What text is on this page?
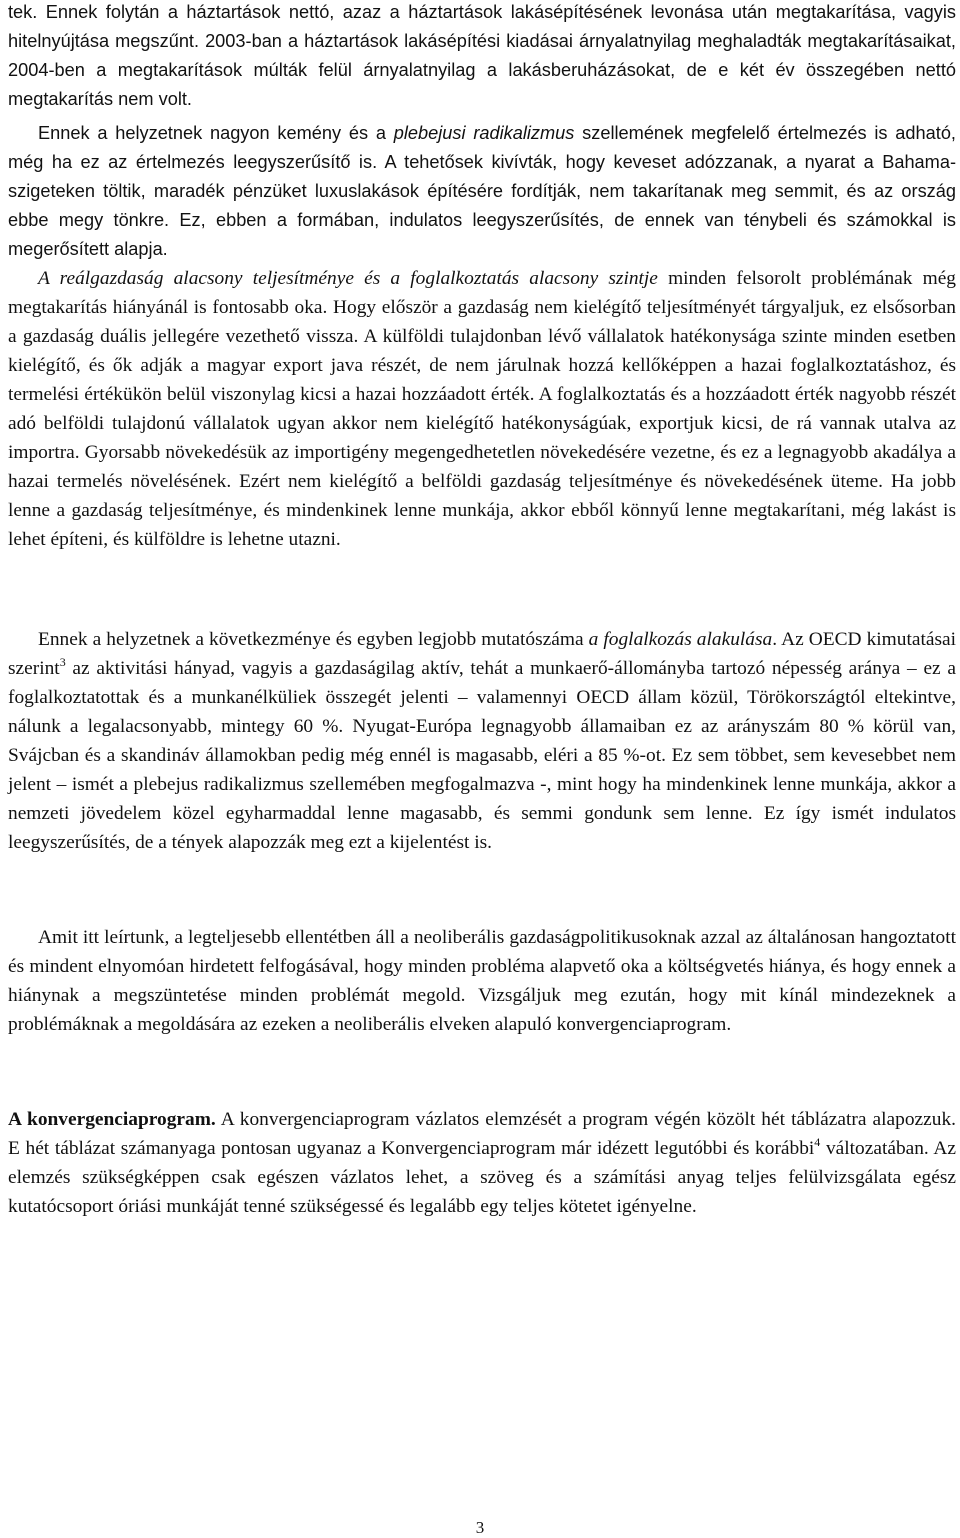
tek. Ennek folytán a háztartások nettó, azaz a háztartások lakásépítésének levonása után megtakarítása, vagyis hitelnyújtása megszűnt. 2003-ban a háztartások lakásépítési kiadásai árnyalatnyilag meghaladták megtakarításaikat, 2004-ben a megtakarítások múlták felül árnyalatnyilag a lakásberuházásokat, de e két év összegében nettó megtakarítás nem volt.

Ennek a helyzetnek nagyon kemény és a plebejusi radikalizmus szellemének megfelelő értelmezés is adható, még ha ez az értelmezés leegyszerűsítő is. A tehetősek kivívták, hogy keveset adózzanak, a nyarat a Bahama-szigeteken töltik, maradék pénzüket luxuslakások építésére fordítják, nem takarítanak meg semmit, és az ország ebbe megy tönkre. Ez, ebben a formában, indulatos leegyszerűsítés, de ennek van ténybeli és számokkal is megerősített alapja.

A reálgazdaság alacsony teljesítménye és a foglalkoztatás alacsony szintje minden felsorolt problémának még megtakarítás hiányánál is fontosabb oka. Hogy először a gazdaság nem kielégítő teljesítményét tárgyaljuk, ez elsősorban a gazdaság duális jellegére vezethető vissza. A külföldi tulajdonban lévő vállalatok hatékonysága szinte minden esetben kielégítő, és ők adják a magyar export java részét, de nem járulnak hozzá kellőképpen a hazai foglalkoztatáshoz, és termelési értékükön belül viszonylag kicsi a hazai hozzáadott érték. A foglalkoztatás és a hozzáadott érték nagyobb részét adó belföldi tulajdonú vállalatok ugyan akkor nem kielégítő hatékonyságúak, exportjuk kicsi, de rá vannak utalva az importra. Gyorsabb növekedésük az importigény megengedhetetlen növekedésére vezetne, és ez a legnagyobb akadálya a hazai termelés növelésének. Ezért nem kielégítő a belföldi gazdaság teljesítménye és növekedésének üteme. Ha jobb lenne a gazdaság teljesítménye, és mindenkinek lenne munkája, akkor ebből könnyű lenne megtakarítani, még lakást is lehet építeni, és külföldre is lehetne utazni.

Ennek a helyzetnek a következménye és egyben legjobb mutatószáma a foglalkozás alakulása. Az OECD kimutatásai szerint$^3$ az aktivitási hányad, vagyis a gazdaságilag aktív, tehát a munkaerő-állományba tartozó népesség aránya – ez a foglalkoztatottak és a munkanélküliek összegét jelenti – valamennyi OECD állam közül, Törökországtól eltekintve, nálunk a legalacsonyabb, mintegy 60 %. Nyugat-Európa legnagyobb államaiban ez az arányszám 80 % körül van, Svájcban és a skandináv államokban pedig még ennél is magasabb, eléri a 85 %-ot. Ez sem többet, sem kevesebbet nem jelent – ismét a plebejus radikalizmus szellemében megfogalmazva -, mint hogy ha mindenkinek lenne munkája, akkor a nemzeti jövedelem közel egyharmaddal lenne magasabb, és semmi gondunk sem lenne. Ez így ismét indulatos leegyszerűsítés, de a tények alapozzák meg ezt a kijelentést is.

Amit itt leírtunk, a legteljesebb ellentétben áll a neoliberális gazdaságpolitikusoknak azzal az általánosan hangoztatott és mindent elnyomóan hirdetett felfogásával, hogy minden probléma alapvető oka a költségvetés hiánya, és hogy ennek a hiánynak a megszüntetése minden problémát megold. Vizsgáljuk meg ezután, hogy mit kínál mindezeknek a problémáknak a megoldására az ezeken a neoliberális elveken alapuló konvergenciaprogram.

A konvergenciaprogram. A konvergenciaprogram vázlatos elemzését a program végén közölt hét táblázatra alapozzuk. E hét táblázat számanyaga pontosan ugyanaz a Konvergenciaprogram már idézett legutóbbi és korábbi$^4$ változatában. Az elemzés szükségképpen csak egészen vázlatos lehet, a szöveg és a számítási anyag teljes felülvizsgálata egész kutatócsoport óriási munkáját tenné szükségessé és legalább egy teljes kötetet igényelne.

3
